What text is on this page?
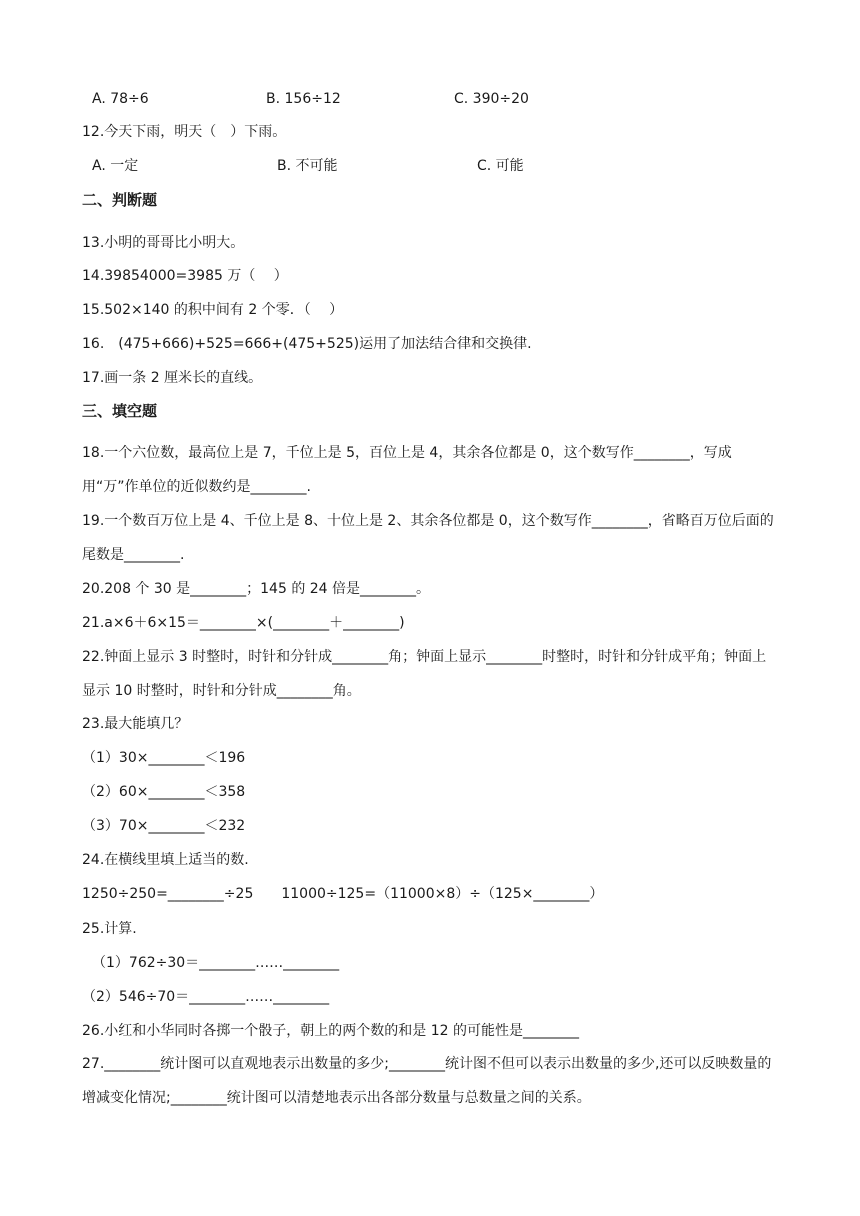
A. 78÷6	B. 156÷12	C. 390÷20
12.今天下雨，明天（　）下雨。
A. 一定	B. 不可能	C. 可能
二、判断题
13.小明的哥哥比小明大。
14.39854000=3985 万（　 ）
15.502×140 的积中间有 2 个零．（　 ）
16.　(475+666)+525=666+(475+525)运用了加法结合律和交换律.
17.画一条 2 厘米长的直线。
三、填空题
18.一个六位数，最高位上是 7，千位上是 5，百位上是 4，其余各位都是 0，这个数写作________，写成用“万”作单位的近似数约是________.
19.一个数百万位上是 4、千位上是 8、十位上是 2、其余各位都是 0，这个数写作________，省略百万位后面的尾数是________.
20.208 个 30 是________；145 的 24 倍是________。
21.a×6＋6×15＝________×(________＋________)
22.钟面上显示 3 时整时，时针和分针成________角；钟面上显示________时整时，时针和分针成平角；钟面上显示 10 时整时，时针和分针成________角。
23.最大能填几？
（1）30×________＜196
（2）60×________＜358
（3）70×________＜232
24.在横线里填上适当的数.
1250÷250=________÷25　　11000÷125=（11000×8）÷（125×________）
25.计算.
（1）762÷30＝________……________
（2）546÷70＝________……________
26.小红和小华同时各掷一个骰子，朝上的两个数的和是 12 的可能性是________
27.________统计图可以直观地表示出数量的多少;________统计图不但可以表示出数量的多少,还可以反映数量的增减变化情况;________统计图可以清楚地表示出各部分数量与总数量之间的关系。
